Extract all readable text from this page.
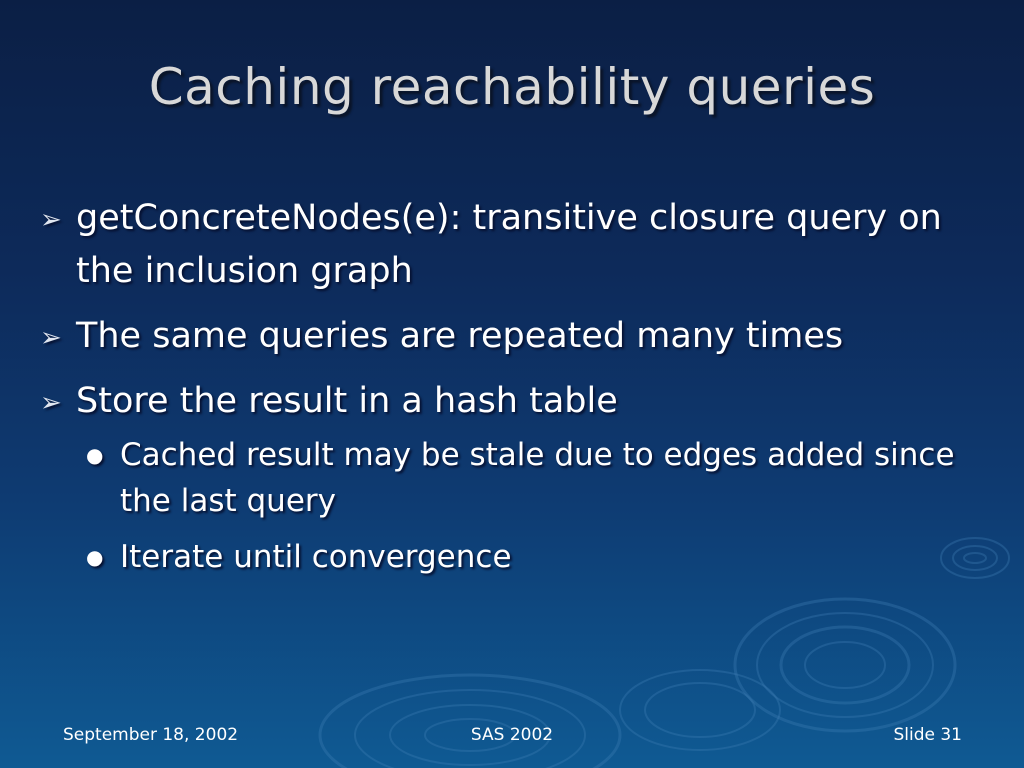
Caching reachability queries
➢ getConcreteNodes(e): transitive closure query on the inclusion graph
➢ The same queries are repeated many times
➢ Store the result in a hash table
● Cached result may be stale due to edges added since the last query
● Iterate until convergence
September 18, 2002	SAS 2002	Slide 31
